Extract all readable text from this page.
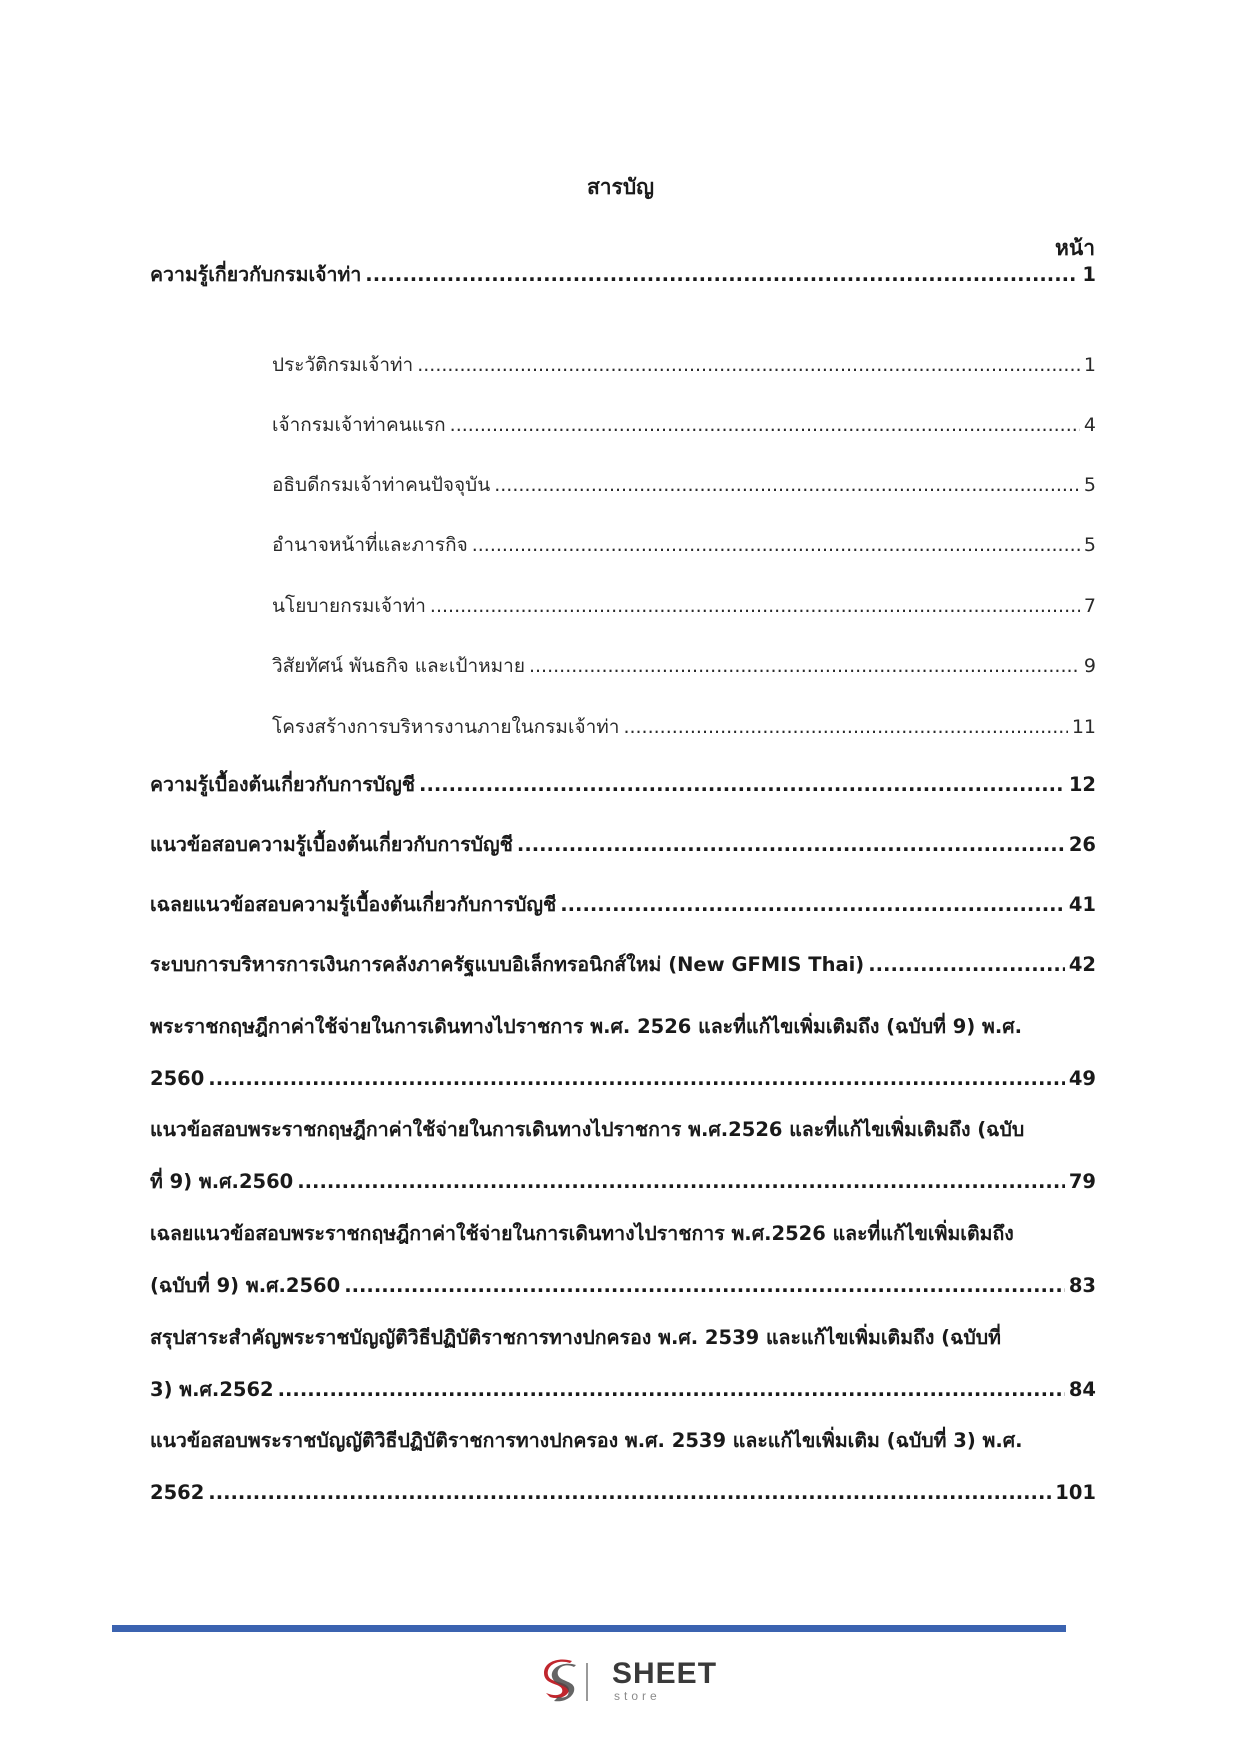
สารบัญ
หน้า
ความรู้เกี่ยวกับกรมเจ้าท่า .....	1
ประวัติกรมเจ้าท่า .....	1
เจ้ากรมเจ้าท่าคนแรก .....	4
อธิบดีกรมเจ้าท่าคนปัจจุบัน .....	5
อำนาจหน้าที่และภารกิจ .....	5
นโยบายกรมเจ้าท่า .....	7
วิสัยทัศน์ พันธกิจ และเป้าหมาย .....	9
โครงสร้างการบริหารงานภายในกรมเจ้าท่า .....	11
ความรู้เบื้องต้นเกี่ยวกับการบัญชี .....	12
แนวข้อสอบความรู้เบื้องต้นเกี่ยวกับการบัญชี .....	26
เฉลยแนวข้อสอบความรู้เบื้องต้นเกี่ยวกับการบัญชี .....	41
ระบบการบริหารการเงินการคลังภาครัฐแบบอิเล็กทรอนิกส์ใหม่ (New GFMIS Thai) .....	42
พระราชกฤษฎีกาค่าใช้จ่ายในการเดินทางไปราชการ พ.ศ. 2526 และที่แก้ไขเพิ่มเติมถึง (ฉบับที่ 9) พ.ศ.
2560 .....	49
แนวข้อสอบพระราชกฤษฎีกาค่าใช้จ่ายในการเดินทางไปราชการ พ.ศ.2526 และที่แก้ไขเพิ่มเติมถึง (ฉบับ
ที่ 9) พ.ศ.2560 .....	79
เฉลยแนวข้อสอบพระราชกฤษฎีกาค่าใช้จ่ายในการเดินทางไปราชการ พ.ศ.2526 และที่แก้ไขเพิ่มเติมถึง
(ฉบับที่ 9) พ.ศ.2560 .....	83
สรุปสาระสำคัญพระราชบัญญัติวิธีปฏิบัติราชการทางปกครอง พ.ศ. 2539 และแก้ไขเพิ่มเติมถึง (ฉบับที่
3) พ.ศ.2562 .....	84
แนวข้อสอบพระราชบัญญัติวิธีปฏิบัติราชการทางปกครอง พ.ศ. 2539 และแก้ไขเพิ่มเติม (ฉบับที่ 3) พ.ศ.
2562 .....	101
SHEET
store
